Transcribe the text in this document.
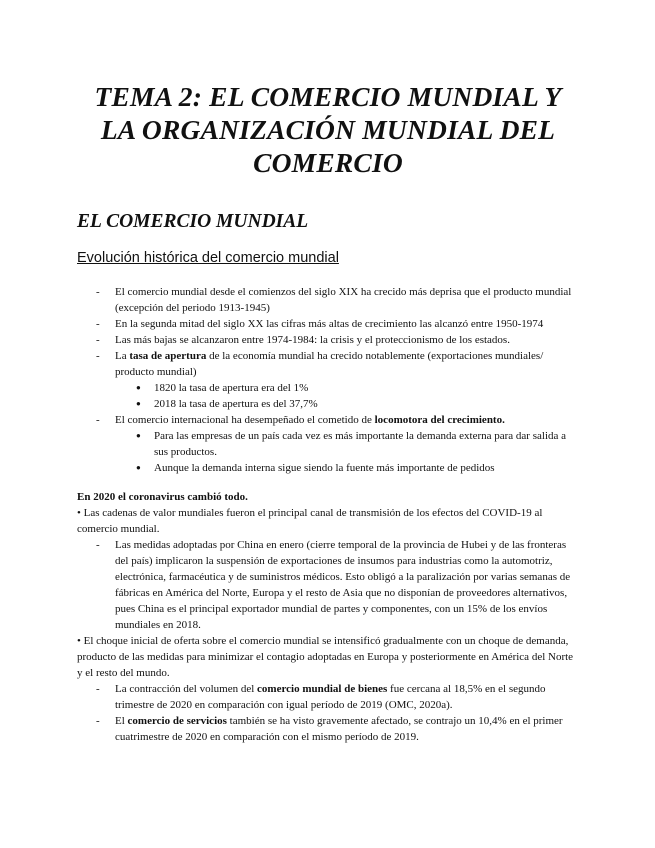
TEMA 2: EL COMERCIO MUNDIAL Y
LA ORGANIZACIÓN MUNDIAL DEL
COMERCIO
EL COMERCIO MUNDIAL
Evolución histórica del comercio mundial
- El comercio mundial desde el comienzos del siglo XIX ha crecido más deprisa que el producto mundial (excepción del periodo 1913-1945)
- En la segunda mitad del siglo XX las cifras más altas de crecimiento las alcanzó entre 1950-1974
- Las más bajas se alcanzaron entre 1974-1984: la crisis y el proteccionismo de los estados.
- La tasa de apertura de la economía mundial ha crecido notablemente (exportaciones mundiales/ producto mundial)
● 1820 la tasa de apertura era del 1%
● 2018 la tasa de apertura es del 37,7%
- El comercio internacional ha desempeñado el cometido de locomotora del crecimiento.
● Para las empresas de un país cada vez es más importante la demanda externa para dar salida a sus productos.
● Aunque la demanda interna sigue siendo la fuente más importante de pedidos

En 2020 el coronavirus cambió todo.

• Las cadenas de valor mundiales fueron el principal canal de transmisión de los efectos del COVID-19 al comercio mundial.

- Las medidas adoptadas por China en enero (cierre temporal de la provincia de Hubei y de las fronteras del país) implicaron la suspensión de exportaciones de insumos para industrias como la automotriz, electrónica, farmacéutica y de suministros médicos. Esto obligó a la paralización por varias semanas de fábricas en América del Norte, Europa y el resto de Asia que no disponían de proveedores alternativos, pues China es el principal exportador mundial de partes y componentes, con un 15% de los envíos mundiales en 2018.

• El choque inicial de oferta sobre el comercio mundial se intensificó gradualmente con un choque de demanda, producto de las medidas para minimizar el contagio adoptadas en Europa y posteriormente en América del Norte y el resto del mundo.

- La contracción del volumen del comercio mundial de bienes fue cercana al 18,5% en el segundo trimestre de 2020 en comparación con igual período de 2019 (OMC, 2020a).
- El comercio de servicios también se ha visto gravemente afectado, se contrajo un 10,4% en el primer cuatrimestre de 2020 en comparación con el mismo período de 2019.
